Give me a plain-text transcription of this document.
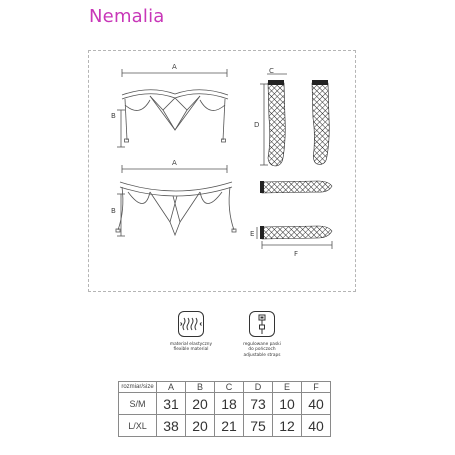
Nemalia
A
B
A
B
C
D
E
F
materiał elastyczny
flexible material
regulowane paski
do pończoch
adjustable straps
rozmiar/size	A	B	C	D	E	F
S/M	31	20	18	73	10	40
L/XL	38	20	21	75	12	40
